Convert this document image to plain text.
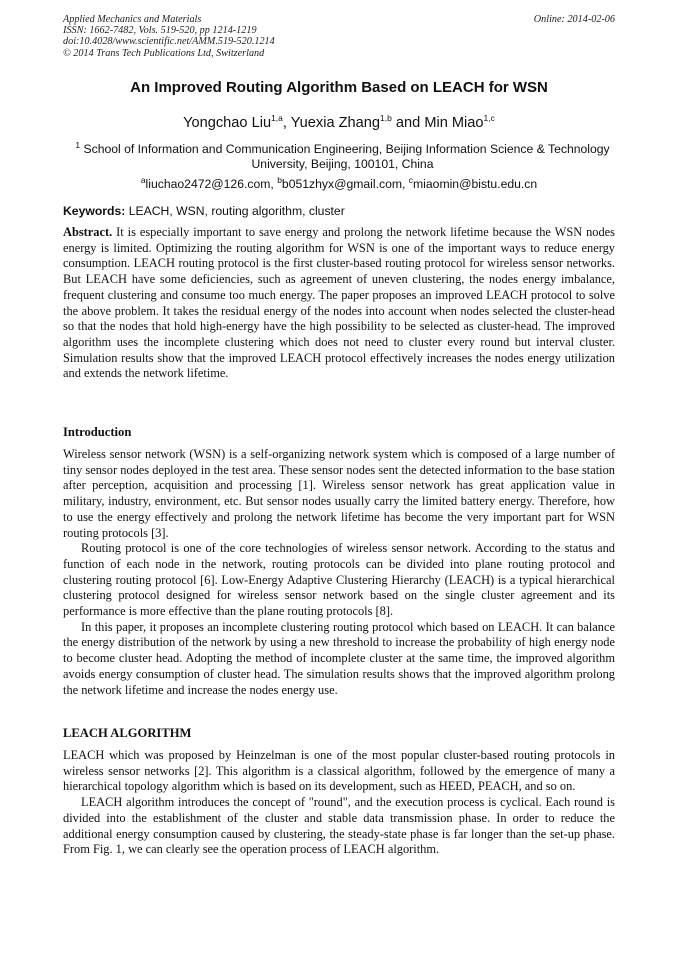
Applied Mechanics and Materials
ISSN: 1662-7482, Vols. 519-520, pp 1214-1219
doi:10.4028/www.scientific.net/AMM.519-520.1214
© 2014 Trans Tech Publications Ltd, Switzerland
Online: 2014-02-06
An Improved Routing Algorithm Based on LEACH for WSN
Yongchao Liu$^{1,a}$, Yuexia Zhang$^{1,b}$ and Min Miao$^{1,c}$
$^1$ School of Information and Communication Engineering, Beijing Information Science & Technology University, Beijing, 100101, China
$^a$liuchao2472@126.com, $^b$b051zhyx@gmail.com, $^c$miaomin@bistu.edu.cn
Keywords: LEACH, WSN, routing algorithm, cluster

Abstract. It is especially important to save energy and prolong the network lifetime because the WSN nodes energy is limited. Optimizing the routing algorithm for WSN is one of the important ways to reduce energy consumption. LEACH routing protocol is the first cluster-based routing protocol for wireless sensor networks. But LEACH have some deficiencies, such as agreement of uneven clustering, the nodes energy imbalance, frequent clustering and consume too much energy. The paper proposes an improved LEACH protocol to solve the above problem. It takes the residual energy of the nodes into account when nodes selected the cluster-head so that the nodes that hold high-energy have the high possibility to be selected as cluster-head. The improved algorithm uses the incomplete clustering which does not need to cluster every round but interval cluster. Simulation results show that the improved LEACH protocol effectively increases the nodes energy utilization and extends the network lifetime.

Introduction

Wireless sensor network (WSN) is a self-organizing network system which is composed of a large number of tiny sensor nodes deployed in the test area. These sensor nodes sent the detected information to the base station after perception, acquisition and processing [1]. Wireless sensor network has great application value in military, industry, environment, etc. But sensor nodes usually carry the limited battery energy. Therefore, how to use the energy effectively and prolong the network lifetime has become the very important part for WSN routing protocols [3].

Routing protocol is one of the core technologies of wireless sensor network. According to the status and function of each node in the network, routing protocols can be divided into plane routing protocol and clustering routing protocol [6]. Low-Energy Adaptive Clustering Hierarchy (LEACH) is a typical hierarchical clustering protocol designed for wireless sensor network based on the single cluster agreement and its performance is more effective than the plane routing protocols [8].

In this paper, it proposes an incomplete clustering routing protocol which based on LEACH. It can balance the energy distribution of the network by using a new threshold to increase the probability of high energy node to become cluster head. Adopting the method of incomplete cluster at the same time, the improved algorithm avoids energy consumption of cluster head. The simulation results shows that the improved algorithm prolong the network lifetime and increase the nodes energy use.

LEACH ALGORITHM

LEACH which was proposed by Heinzelman is one of the most popular cluster-based routing protocols in wireless sensor networks [2]. This algorithm is a classical algorithm, followed by the emergence of many a hierarchical topology algorithm which is based on its development, such as HEED, PEACH, and so on.

LEACH algorithm introduces the concept of "round", and the execution process is cyclical. Each round is divided into the establishment of the cluster and stable data transmission phase. In order to reduce the additional energy consumption caused by clustering, the steady-state phase is far longer than the set-up phase. From Fig. 1, we can clearly see the operation process of LEACH algorithm.
